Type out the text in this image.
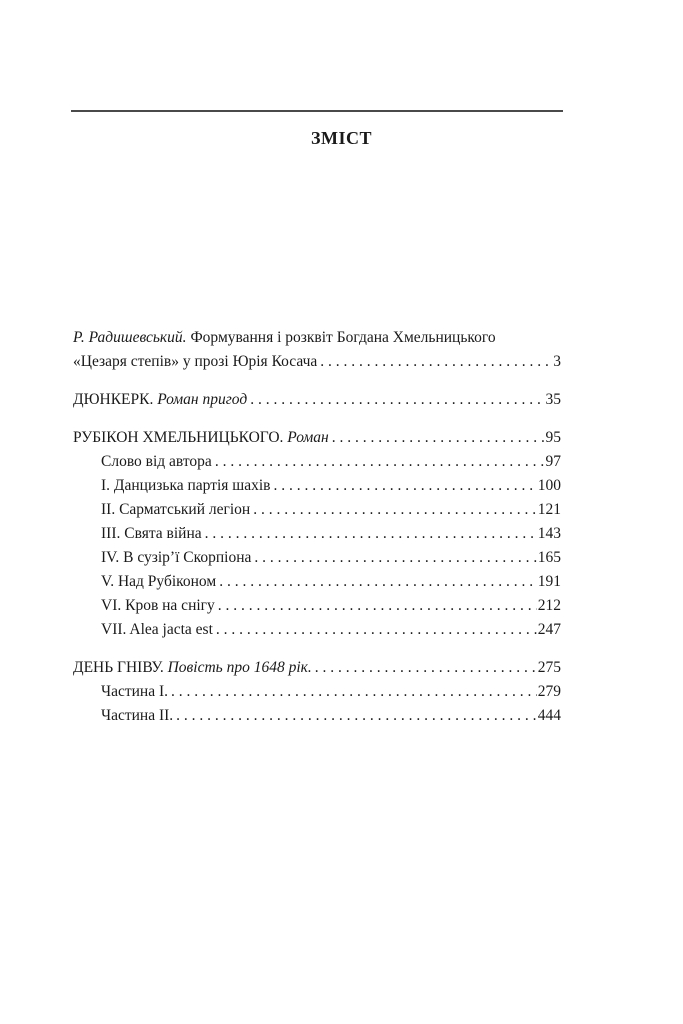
ЗМІСТ
Р. Радишевський. Формування і розквіт Богдана Хмельницького
«Цезаря степів» у прозі Юрія Косача . . .	3
ДЮНКЕРК. Роман пригод . . .	35
РУБІКОН ХМЕЛЬНИЦЬКОГО. Роман . . .	95
Слово від автора . . .	97
І. Данцизька партія шахів . . .	100
ІІ. Сарматський легіон . . .	121
ІІІ. Свята війна . . .	143
IV. В сузір’ї Скорпіона . . .	165
V. Над Рубіконом . . .	191
VI. Кров на снігу . . .	212
VII. Alea jacta est . . .	247
ДЕНЬ ГНІВУ. Повість про 1648 рік. . . .	275
Частина І. . . .	279
Частина ІІ. . . .	444
